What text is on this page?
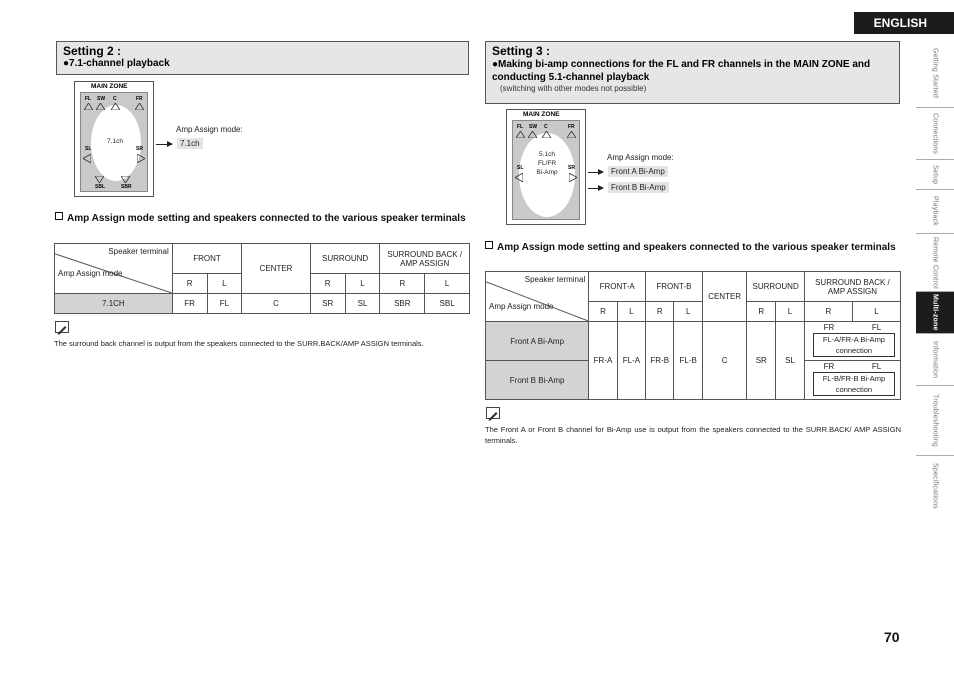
ENGLISH
70
Getting Started
Connections
Setup
Playback
Remote Control
Multi-zone
Information
Troubleshooting
Specifications
Setting 2 :
●7.1-channel playback
MAIN ZONE
FL SW C	FR
SL	SR
SBL	SBR
7.1ch
Amp Assign mode:
7.1ch
Amp Assign mode setting and speakers connected to the various speaker terminals
Speaker terminal
Amp Assign mode	FRONT		CENTER	SURROUND		SURROUND BACK / AMP ASSIGN	
	R	L		R	L	R	L
7.1CH	FR	FL	C	SR	SL	SBR	SBL
The surround back channel is output from the speakers connected to the SURR.BACK/AMP ASSIGN terminals.
Setting 3 :
●Making bi-amp connections for the FL and FR channels in the MAIN ZONE and conducting 5.1-channel playback
(switching with other modes not possible)
MAIN ZONE
FL SW C	FR
SL	SR
5.1ch
FL/FR
Bi-Amp
Amp Assign mode:
Front A Bi-Amp
Front B Bi-Amp
Amp Assign mode setting and speakers connected to the various speaker terminals
Speaker terminal
Amp Assign mode	FRONT-A		FRONT-B		CENTER	SURROUND		SURROUND BACK / AMP ASSIGN	
	R	L	R	L		R	L	R	L
Front A Bi-Amp	FR-A	FL-A	FR-B	FL-B	C	SR	SL	FR FL
FL-A/FR-A Bi-Amp connection	

Front B Bi-Amp								FR FL
FL-B/FR-B Bi-Amp connection	
The Front A or Front B channel for Bi-Amp use is output from the speakers connected to the SURR.BACK/ AMP ASSIGN terminals.
